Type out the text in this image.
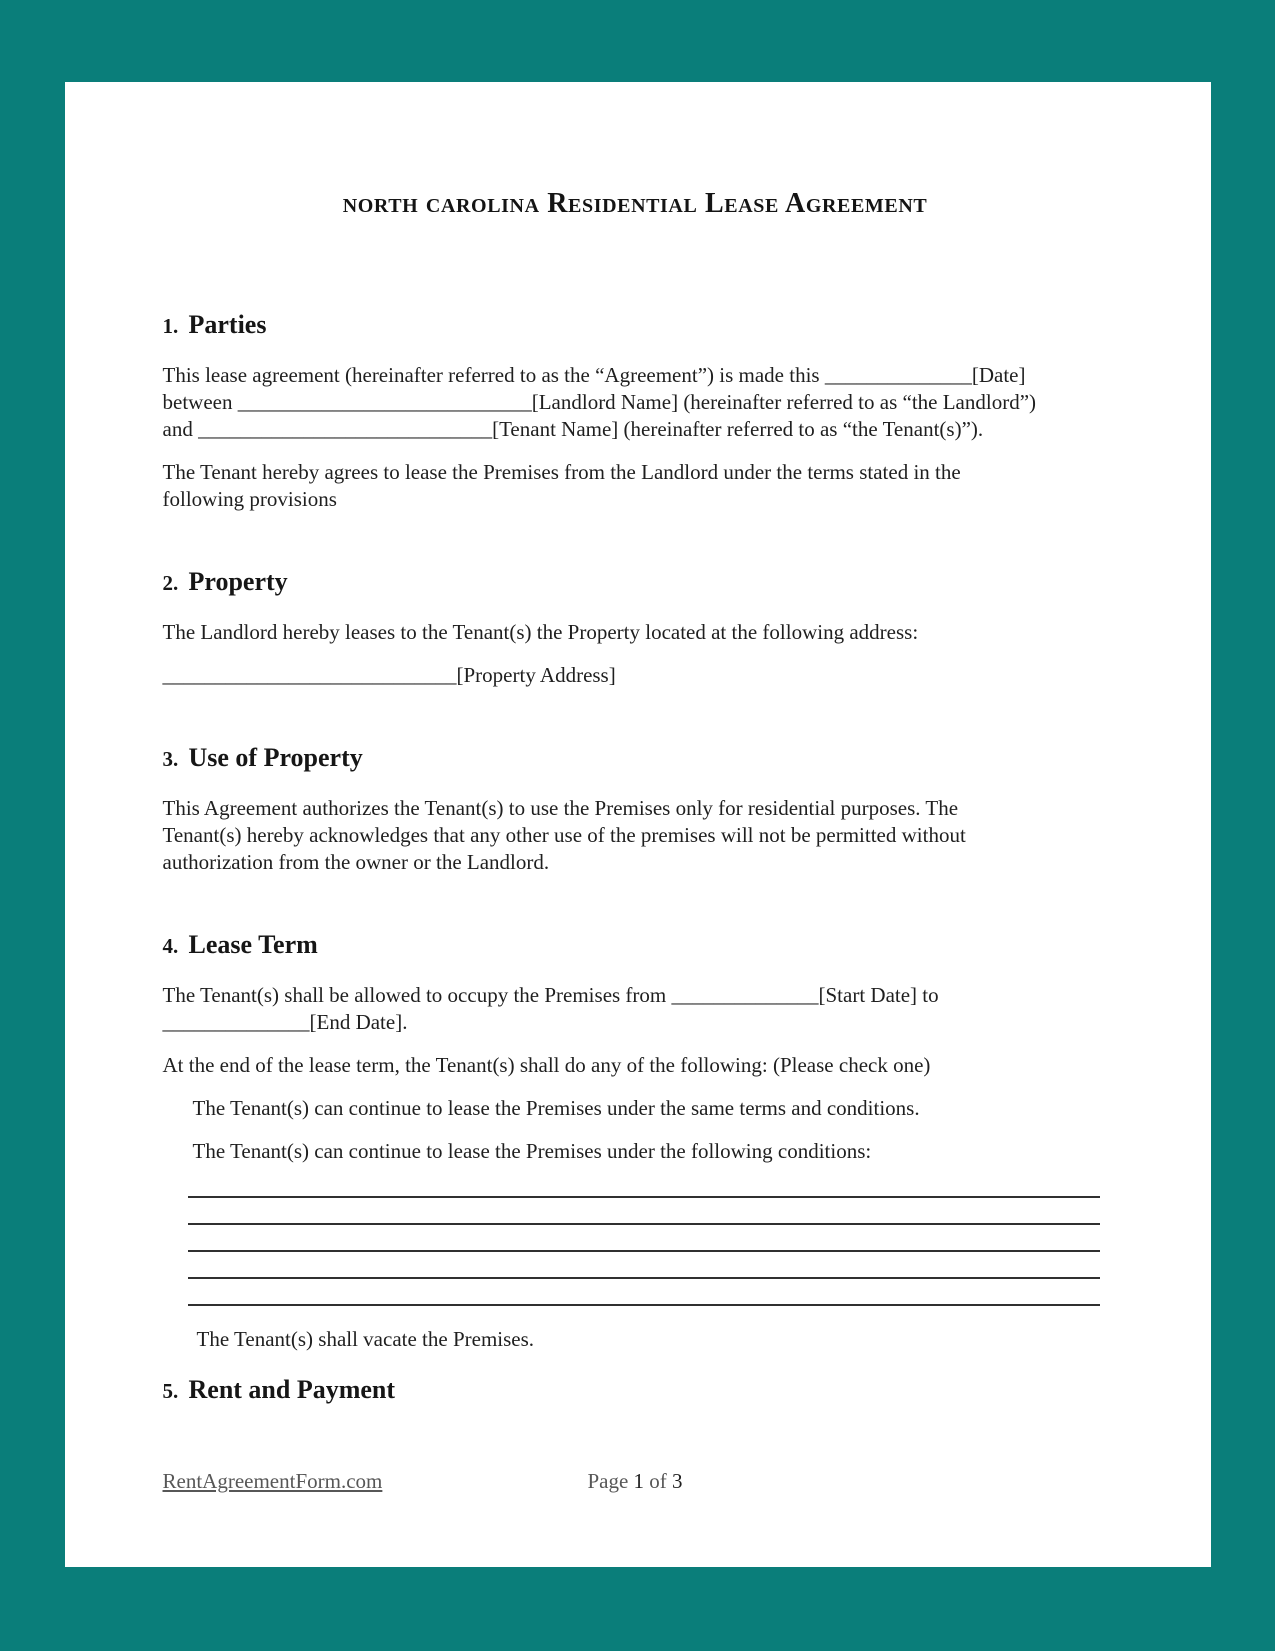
north carolina Residential Lease Agreement
1. Parties
This lease agreement (hereinafter referred to as the “Agreement”) is made this ______________[Date]
between ____________________________[Landlord Name] (hereinafter referred to as “the Landlord”)
and ____________________________[Tenant Name] (hereinafter referred to as “the Tenant(s)”).
The Tenant hereby agrees to lease the Premises from the Landlord under the terms stated in the
following provisions
2. Property
The Landlord hereby leases to the Tenant(s) the Property located at the following address:
____________________________[Property Address]
3. Use of Property
This Agreement authorizes the Tenant(s) to use the Premises only for residential purposes. The
Tenant(s) hereby acknowledges that any other use of the premises will not be permitted without
authorization from the owner or the Landlord.
4. Lease Term
The Tenant(s) shall be allowed to occupy the Premises from ______________[Start Date] to
______________[End Date].
At the end of the lease term, the Tenant(s) shall do any of the following: (Please check one)
The Tenant(s) can continue to lease the Premises under the same terms and conditions.
The Tenant(s) can continue to lease the Premises under the following conditions:
The Tenant(s) shall vacate the Premises.
5. Rent and Payment
RentAgreementForm.com	Page 1 of 3
